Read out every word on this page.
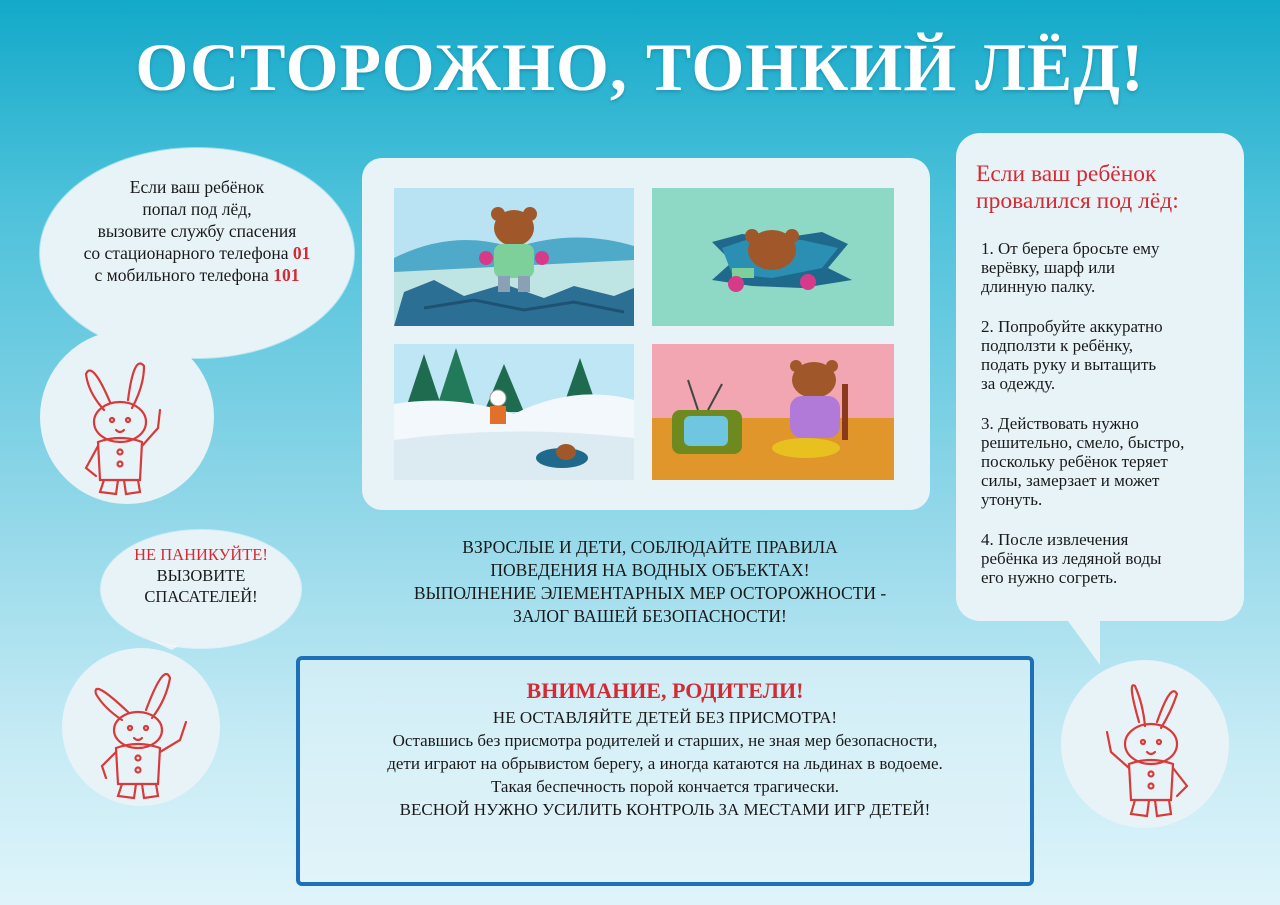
ОСТОРОЖНО, ТОНКИЙ ЛЁД!
Если ваш ребёнок
попал под лёд,
вызовите службу спасения
со стационарного телефона 01
с мобильного телефона 101
НЕ ПАНИКУЙТЕ!
ВЫЗОВИТЕ
СПАСАТЕЛЕЙ!
ВЗРОСЛЫЕ И ДЕТИ, СОБЛЮДАЙТЕ ПРАВИЛА
ПОВЕДЕНИЯ НА ВОДНЫХ ОБЪЕКТАХ!
ВЫПОЛНЕНИЕ ЭЛЕМЕНТАРНЫХ МЕР ОСТОРОЖНОСТИ -
ЗАЛОГ ВАШЕЙ БЕЗОПАСНОСТИ!
Если ваш ребёнок
провалился под лёд:

1. От берега бросьте ему
верёвку, шарф или
длинную палку.

2. Попробуйте аккуратно
подползти к ребёнку,
подать руку и вытащить
за одежду.

3. Действовать нужно
решительно, смело, быстро,
поскольку ребёнок теряет
силы, замерзает и может
утонуть.

4. После извлечения
ребёнка из ледяной воды
его нужно согреть.

ВНИМАНИЕ, РОДИТЕЛИ!
НЕ ОСТАВЛЯЙТЕ ДЕТЕЙ БЕЗ ПРИСМОТРА!
Оставшись без присмотра родителей и старших, не зная мер безопасности,
дети играют на обрывистом берегу, а иногда катаются на льдинах в водоеме.
Такая беспечность порой кончается трагически.
ВЕСНОЙ НУЖНО УСИЛИТЬ КОНТРОЛЬ ЗА МЕСТАМИ ИГР ДЕТЕЙ!
